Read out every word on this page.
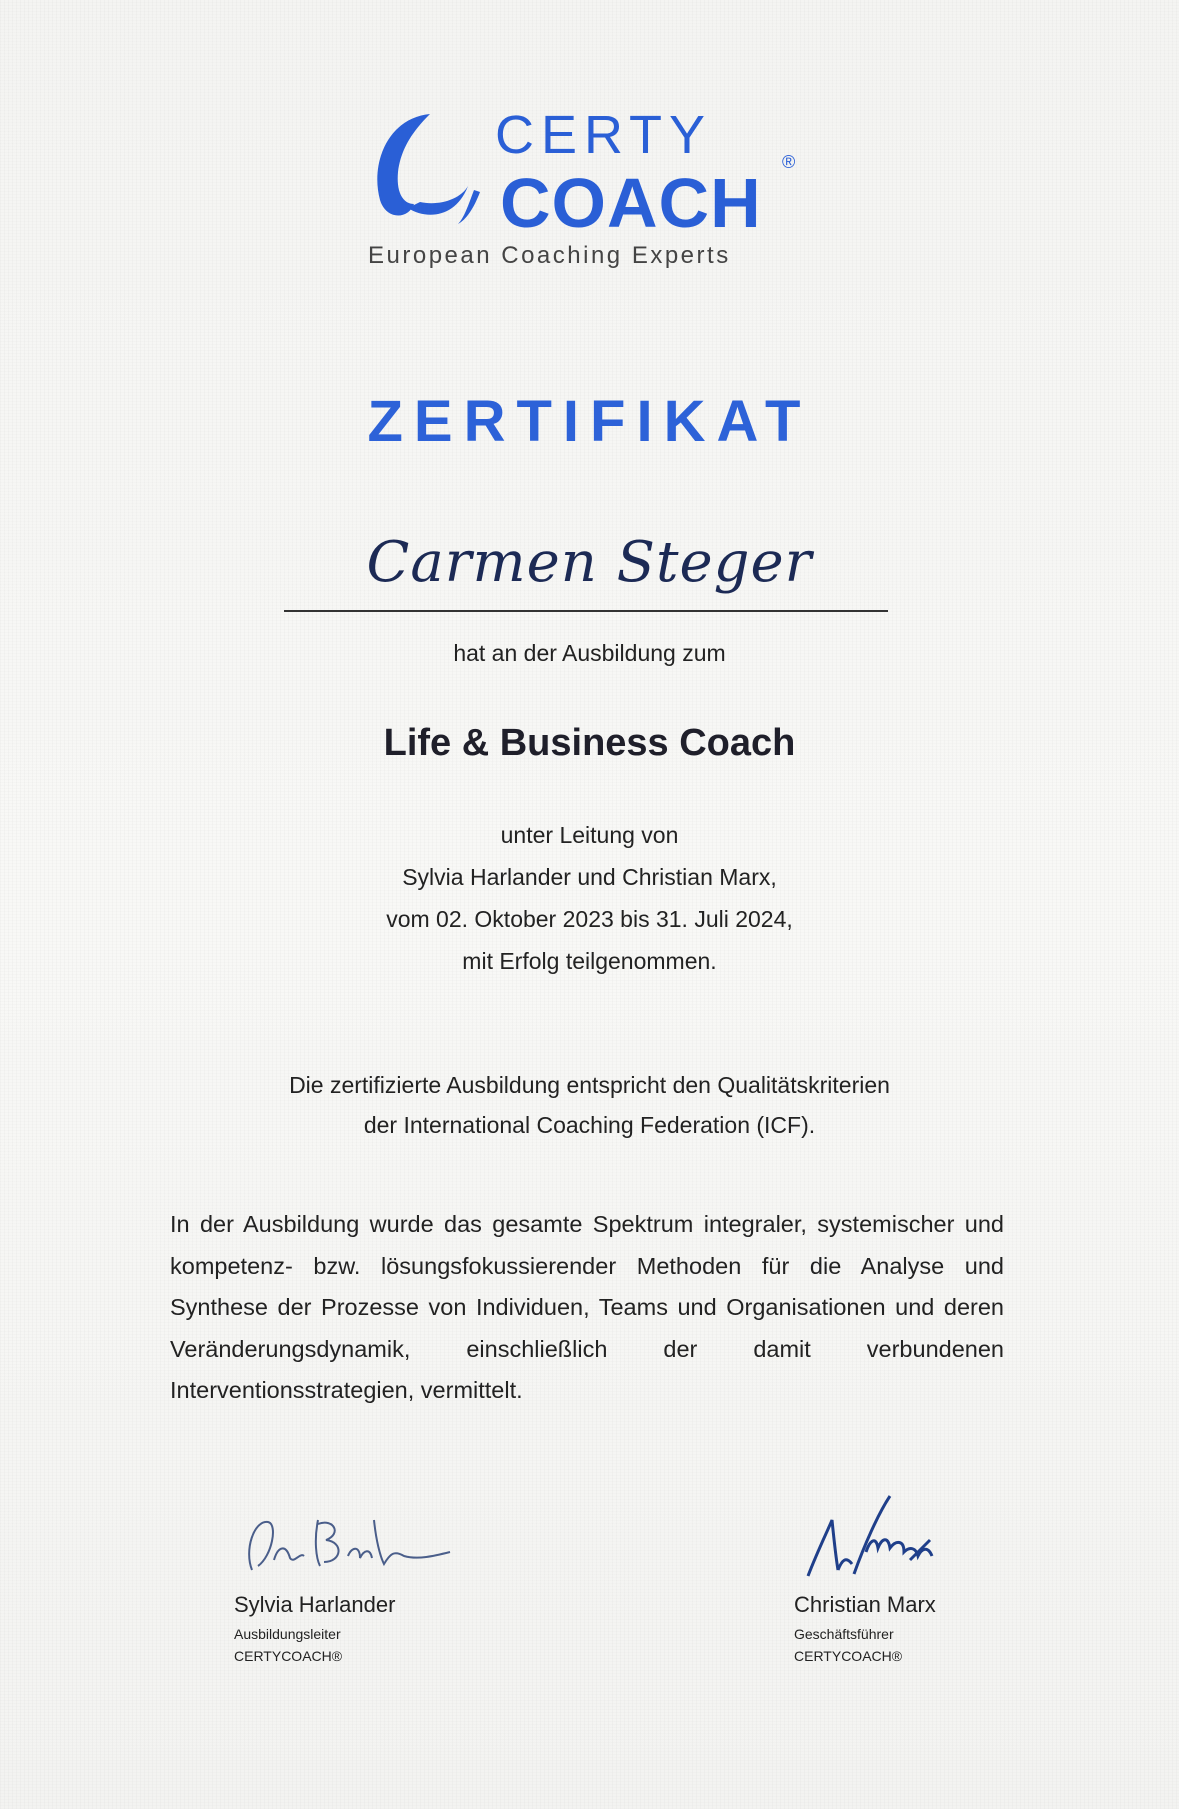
CERTY
COACH
®
European Coaching Experts
ZERTIFIKAT
Carmen Steger
hat an der Ausbildung zum
Life & Business Coach
unter Leitung von
Sylvia Harlander und Christian Marx,
vom 02. Oktober 2023 bis 31. Juli 2024,
mit Erfolg teilgenommen.
Die zertifizierte Ausbildung entspricht den Qualitätskriterien
der International Coaching Federation (ICF).
In der Ausbildung wurde das gesamte Spektrum integraler, systemischer und kompetenz- bzw. lösungsfokussierender Methoden für die Analyse und Synthese der Prozesse von Individuen, Teams und Organisationen und deren Veränderungsdynamik, einschließlich der damit verbundenen Interventionsstrategien, vermittelt.
Sylvia Harlander
Ausbildungsleiter
CERTYCOACH®
Christian Marx
Geschäftsführer
CERTYCOACH®
